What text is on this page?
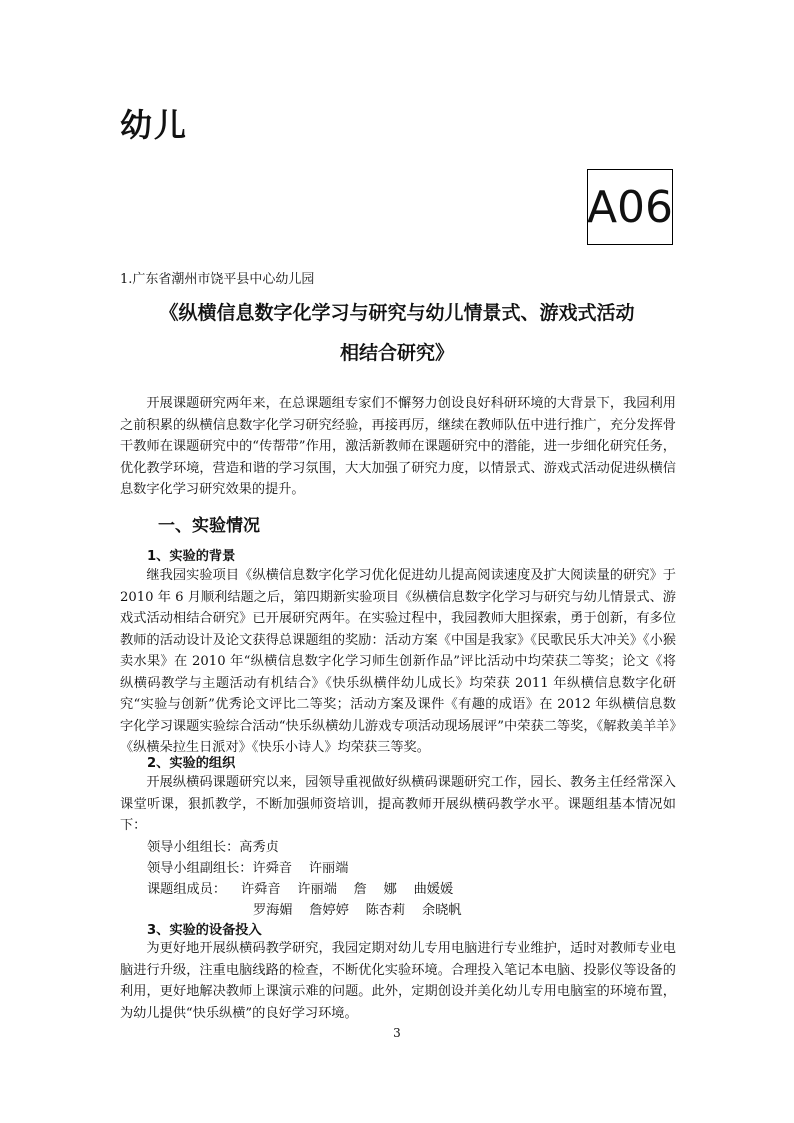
幼儿
A06
1.广东省潮州市饶平县中心幼儿园
《纵横信息数字化学习与研究与幼儿情景式、游戏式活动
相结合研究》

开展课题研究两年来，在总课题组专家们不懈努力创设良好科研环境的大背景下，我园利用之前积累的纵横信息数字化学习研究经验，再接再厉，继续在教师队伍中进行推广，充分发挥骨干教师在课题研究中的“传帮带”作用，激活新教师在课题研究中的潜能，进一步细化研究任务，优化教学环境，营造和谐的学习氛围，大大加强了研究力度，以情景式、游戏式活动促进纵横信息数字化学习研究效果的提升。

一、实验情况
1、实验的背景

继我园实验项目《纵横信息数字化学习优化促进幼儿提高阅读速度及扩大阅读量的研究》于 2010 年 6 月顺利结题之后，第四期新实验项目《纵横信息数字化学习与研究与幼儿情景式、游戏式活动相结合研究》已开展研究两年。在实验过程中，我园教师大胆探索，勇于创新，有多位教师的活动设计及论文获得总课题组的奖励：活动方案《中国是我家》《民歌民乐大冲关》《小猴卖水果》在 2010 年“纵横信息数字化学习师生创新作品”评比活动中均荣获二等奖；论文《将纵横码教学与主题活动有机结合》《快乐纵横伴幼儿成长》均荣获 2011 年纵横信息数字化研究“实验与创新”优秀论文评比二等奖；活动方案及课件《有趣的成语》在 2012 年纵横信息数字化学习课题实验综合活动“快乐纵横幼儿游戏专项活动现场展评”中荣获二等奖，《解救美羊羊》《纵横朵拉生日派对》《快乐小诗人》均荣获三等奖。

2、实验的组织

开展纵横码课题研究以来，园领导重视做好纵横码课题研究工作，园长、教务主任经常深入课堂听课，狠抓教学，不断加强师资培训，提高教师开展纵横码教学水平。课题组基本情况如下：

领导小组组长：高秀贞
领导小组副组长：许舜音    许丽端
课题组成员： 许舜音    许丽端    詹    娜    曲媛媛
罗海媚    詹婷婷    陈杏莉    余晓帆
3、实验的设备投入

为更好地开展纵横码教学研究，我园定期对幼儿专用电脑进行专业维护，适时对教师专业电脑进行升级，注重电脑线路的检查，不断优化实验环境。合理投入笔记本电脑、投影仪等设备的利用，更好地解决教师上课演示难的问题。此外，定期创设并美化幼儿专用电脑室的环境布置，为幼儿提供“快乐纵横”的良好学习环境。

3
